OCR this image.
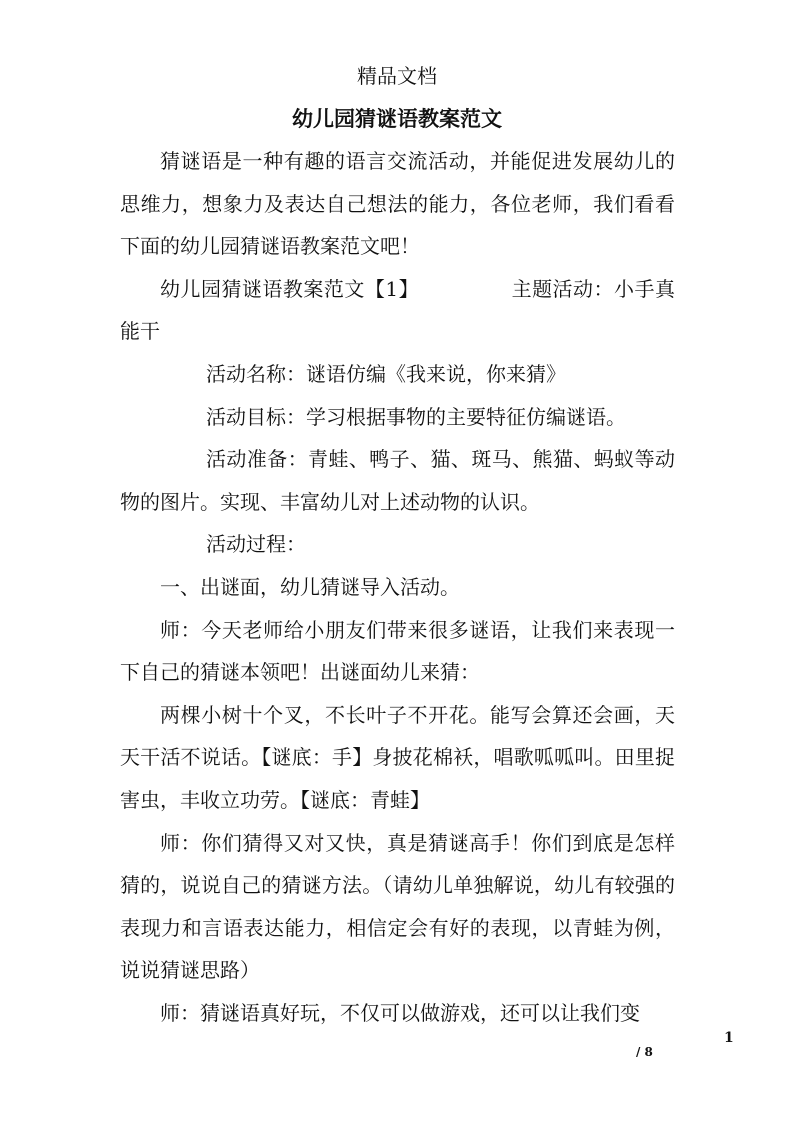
精品文档
幼儿园猜谜语教案范文

猜谜语是一种有趣的语言交流活动，并能促进发展幼儿的思维力，想象力及表达自己想法的能力，各位老师，我们看看下面的幼儿园猜谜语教案范文吧！

幼儿园猜谜语教案范文【1】	主题活动：小手真能干

活动名称：谜语仿编《我来说，你来猜》

活动目标：学习根据事物的主要特征仿编谜语。

活动准备：青蛙、鸭子、猫、斑马、熊猫、蚂蚁等动物的图片。实现、丰富幼儿对上述动物的认识。

活动过程：

一、出谜面，幼儿猜谜导入活动。

师：今天老师给小朋友们带来很多谜语，让我们来表现一下自己的猜谜本领吧！出谜面幼儿来猜：

两棵小树十个叉，不长叶子不开花。能写会算还会画，天天干活不说话。【谜底：手】身披花棉袄，唱歌呱呱叫。田里捉害虫，丰收立功劳。【谜底：青蛙】

师：你们猜得又对又快，真是猜谜高手！你们到底是怎样猜的，说说自己的猜谜方法。（请幼儿单独解说，幼儿有较强的表现力和言语表达能力，相信定会有好的表现，以青蛙为例，说说猜谜思路）

师：猜谜语真好玩，不仅可以做游戏，还可以让我们变

1
/ 8
